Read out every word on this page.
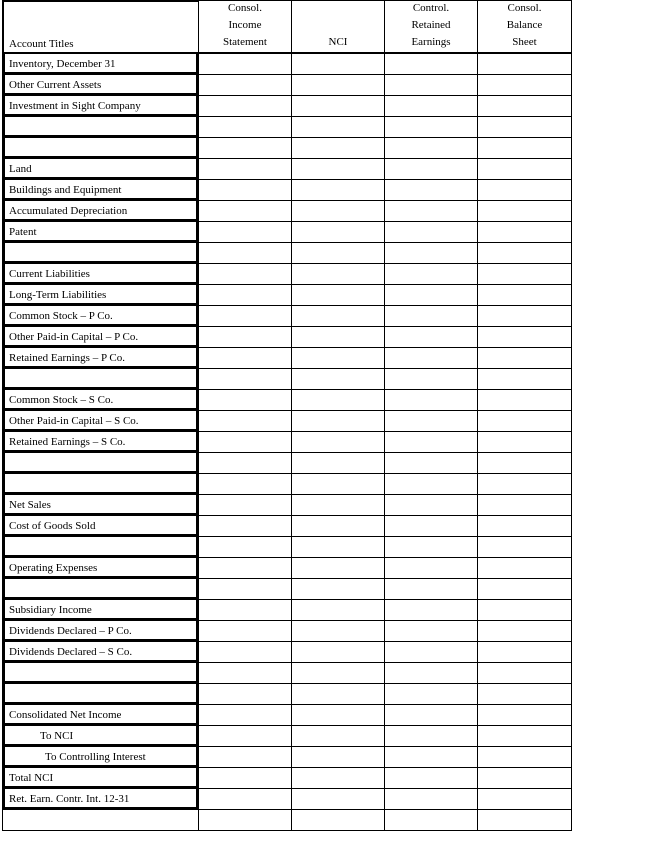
Account Titles
Consol.
Income
Statement	NCI
Control.
Retained
Earnings
Consol.
Balance
Sheet
Inventory, December 31
Other Current Assets
Investment in Sight Company
Land
Buildings and Equipment
Accumulated Depreciation
Patent
Current Liabilities
Long-Term Liabilities
Common Stock – P Co.
Other Paid-in Capital – P Co.
Retained Earnings – P Co.
Common Stock – S Co.
Other Paid-in Capital – S Co.
Retained Earnings – S Co.
Net Sales
Cost of Goods Sold
Operating Expenses
Subsidiary Income
Dividends Declared – P Co.
Dividends Declared – S Co.
Consolidated Net Income
To NCI
To Controlling Interest
Total NCI
Ret. Earn. Contr. Int. 12-31
